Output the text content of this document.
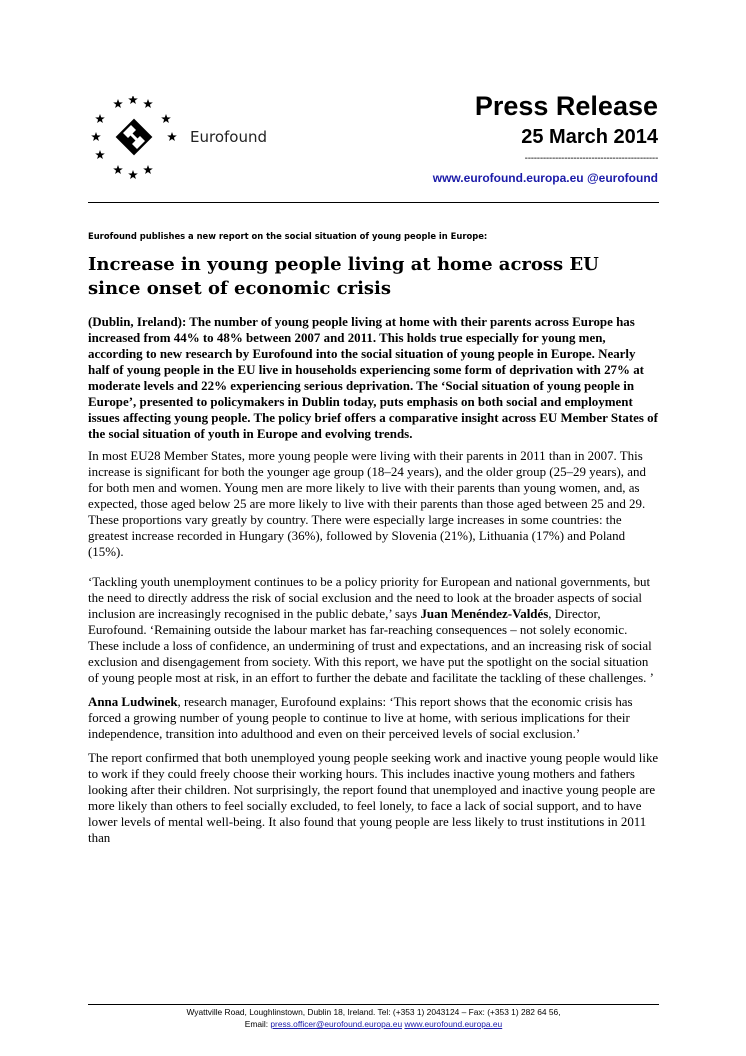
Eurofound
Press Release
25 March 2014
--------------------------------------------
www.eurofound.europa.eu @eurofound
Eurofound publishes a new report on the social situation of young people in Europe:
Increase in young people living at home across EU
since onset of economic crisis

(Dublin, Ireland): The number of young people living at home with their parents across Europe has increased from 44% to 48% between 2007 and 2011. This holds true especially for young men, according to new research by Eurofound into the social situation of young people in Europe. Nearly half of young people in the EU live in households experiencing some form of deprivation with 27% at moderate levels and 22% experiencing serious deprivation. The ‘Social situation of young people in Europe’, presented to policymakers in Dublin today, puts emphasis on both social and employment issues affecting young people. The policy brief offers a comparative insight across EU Member States of the social situation of youth in Europe and evolving trends.

In most EU28 Member States, more young people were living with their parents in 2011 than in 2007. This increase is significant for both the younger age group (18–24 years), and the older group (25–29 years), and for both men and women. Young men are more likely to live with their parents than young women, and, as expected, those aged below 25 are more likely to live with their parents than those aged between 25 and 29. These proportions vary greatly by country. There were especially large increases in some countries: the greatest increase recorded in Hungary (36%), followed by Slovenia (21%), Lithuania (17%) and Poland (15%).

‘Tackling youth unemployment continues to be a policy priority for European and national governments, but the need to directly address the risk of social exclusion and the need to look at the broader aspects of social inclusion are increasingly recognised in the public debate,’ says Juan Menéndez-Valdés, Director, Eurofound. ‘Remaining outside the labour market has far-reaching consequences – not solely economic. These include a loss of confidence, an undermining of trust and expectations, and an increasing risk of social exclusion and disengagement from society. With this report, we have put the spotlight on the social situation of young people most at risk, in an effort to further the debate and facilitate the tackling of these challenges. ’

Anna Ludwinek, research manager, Eurofound explains: ‘This report shows that the economic crisis has forced a growing number of young people to continue to live at home, with serious implications for their independence, transition into adulthood and even on their perceived levels of social exclusion.’

The report confirmed that both unemployed young people seeking work and inactive young people would like to work if they could freely choose their working hours. This includes inactive young mothers and fathers looking after their children. Not surprisingly, the report found that unemployed and inactive young people are more likely than others to feel socially excluded, to feel lonely, to face a lack of social support, and to have lower levels of mental well-being. It also found that young people are less likely to trust institutions in 2011 than

Wyattville Road, Loughlinstown, Dublin 18, Ireland. Tel: (+353 1) 2043124 – Fax: (+353 1) 282 64 56,
Email: press.officer@eurofound.europa.eu www.eurofound.europa.eu
